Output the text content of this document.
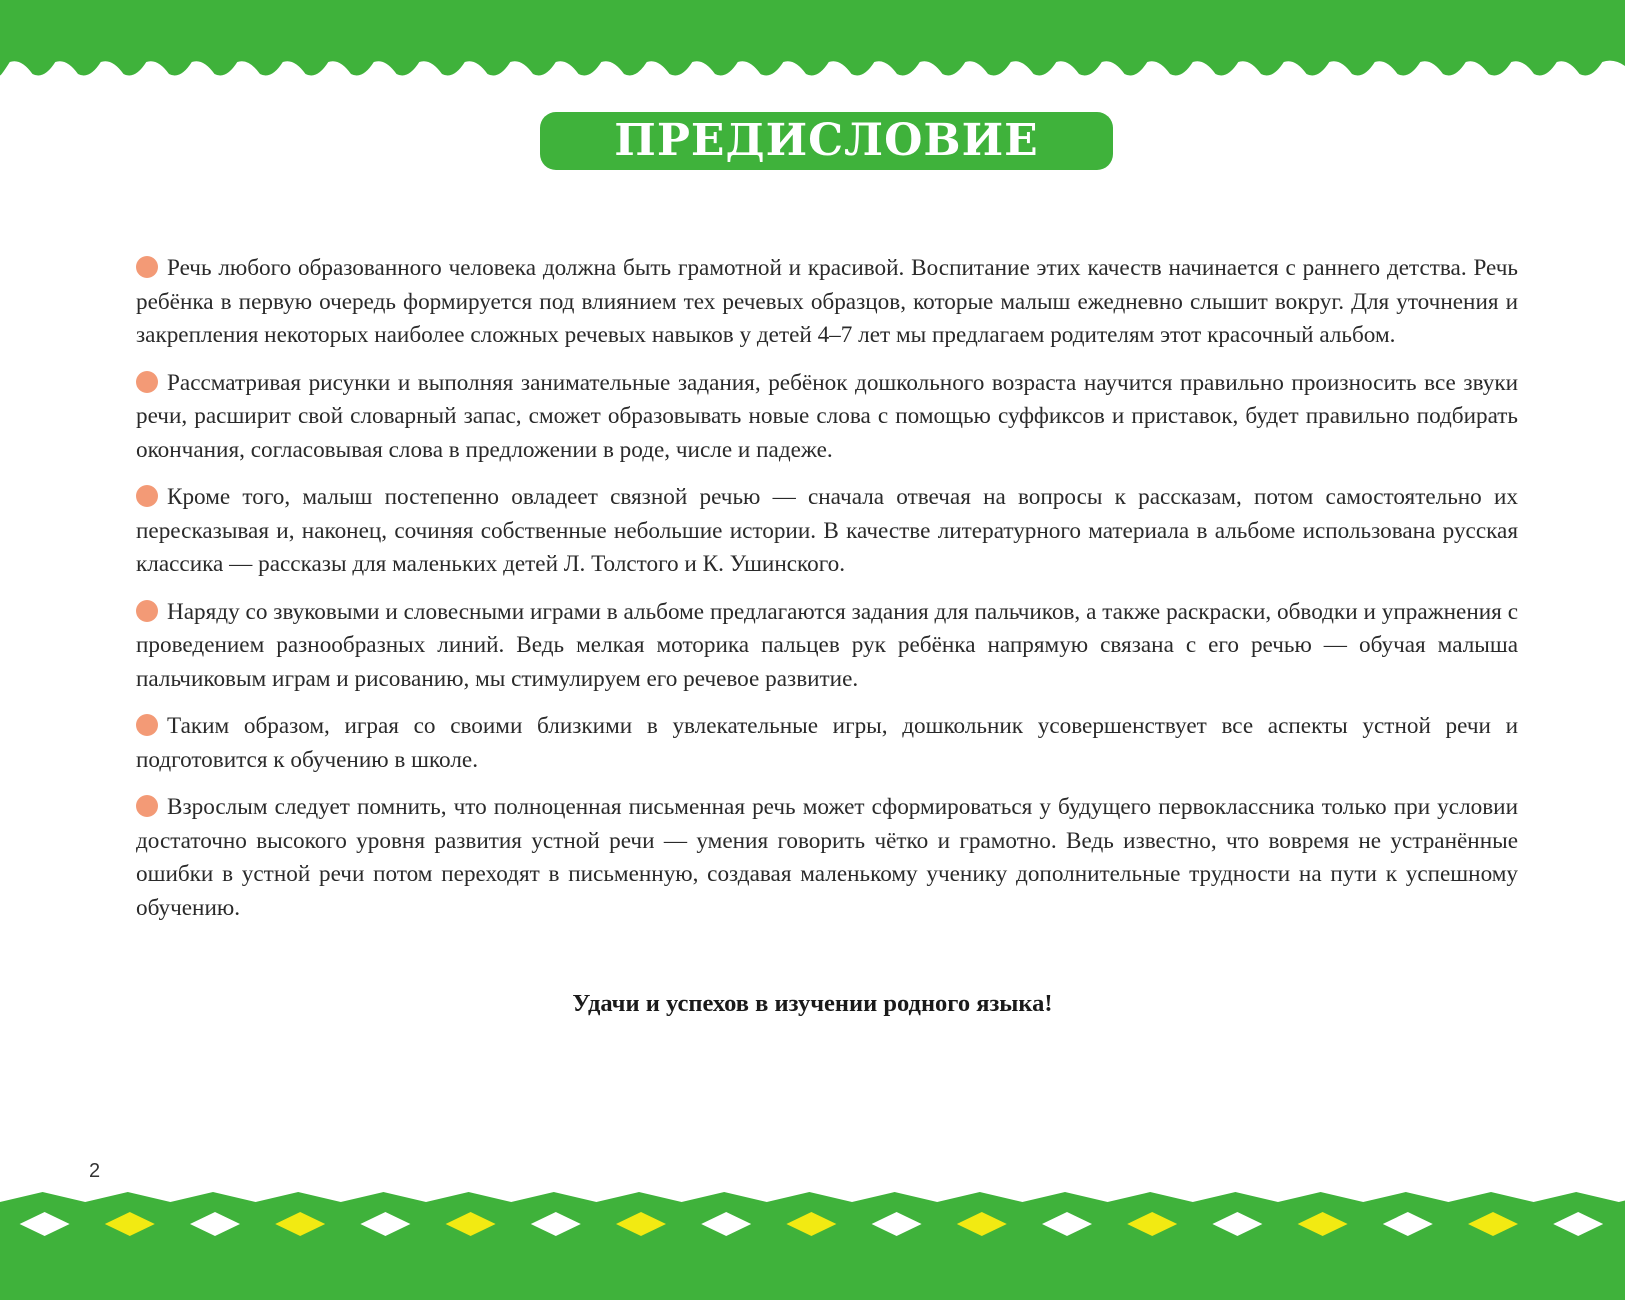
ПРЕДИСЛОВИЕ

Речь любого образованного человека должна быть грамотной и красивой. Воспитание этих качеств начинается с раннего детства. Речь ребёнка в первую очередь формируется под влиянием тех речевых образцов, которые малыш ежедневно слышит вокруг. Для уточнения и закрепления некоторых наиболее сложных речевых навыков у детей 4–7 лет мы предлагаем родителям этот красочный альбом.

Рассматривая рисунки и выполняя занимательные задания, ребёнок дошкольного возраста научится правильно произносить все звуки речи, расширит свой словарный запас, сможет образовывать новые слова с помощью суффиксов и приставок, будет правильно подбирать окончания, согласовывая слова в предложении в роде, числе и падеже.

Кроме того, малыш постепенно овладеет связной речью — сначала отвечая на вопросы к рассказам, потом самостоятельно их пересказывая и, наконец, сочиняя собственные небольшие истории. В качестве литературного материала в альбоме использована русская классика — рассказы для маленьких детей Л. Толстого и К. Ушинского.

Наряду со звуковыми и словесными играми в альбоме предлагаются задания для пальчиков, а также раскраски, обводки и упражнения с проведением разнообразных линий. Ведь мелкая моторика пальцев рук ребёнка напрямую связана с его речью — обучая малыша пальчиковым играм и рисованию, мы стимулируем его речевое развитие.

Таким образом, играя со своими близкими в увлекательные игры, дошкольник усовершенствует все аспекты устной речи и подготовится к обучению в школе.

Взрослым следует помнить, что полноценная письменная речь может сформироваться у будущего первоклассника только при условии достаточно высокого уровня развития устной речи — умения говорить чётко и грамотно. Ведь известно, что вовремя не устранённые ошибки в устной речи потом переходят в письменную, создавая маленькому ученику дополнительные трудности на пути к успешному обучению.

Удачи и успехов в изучении родного языка!
2
